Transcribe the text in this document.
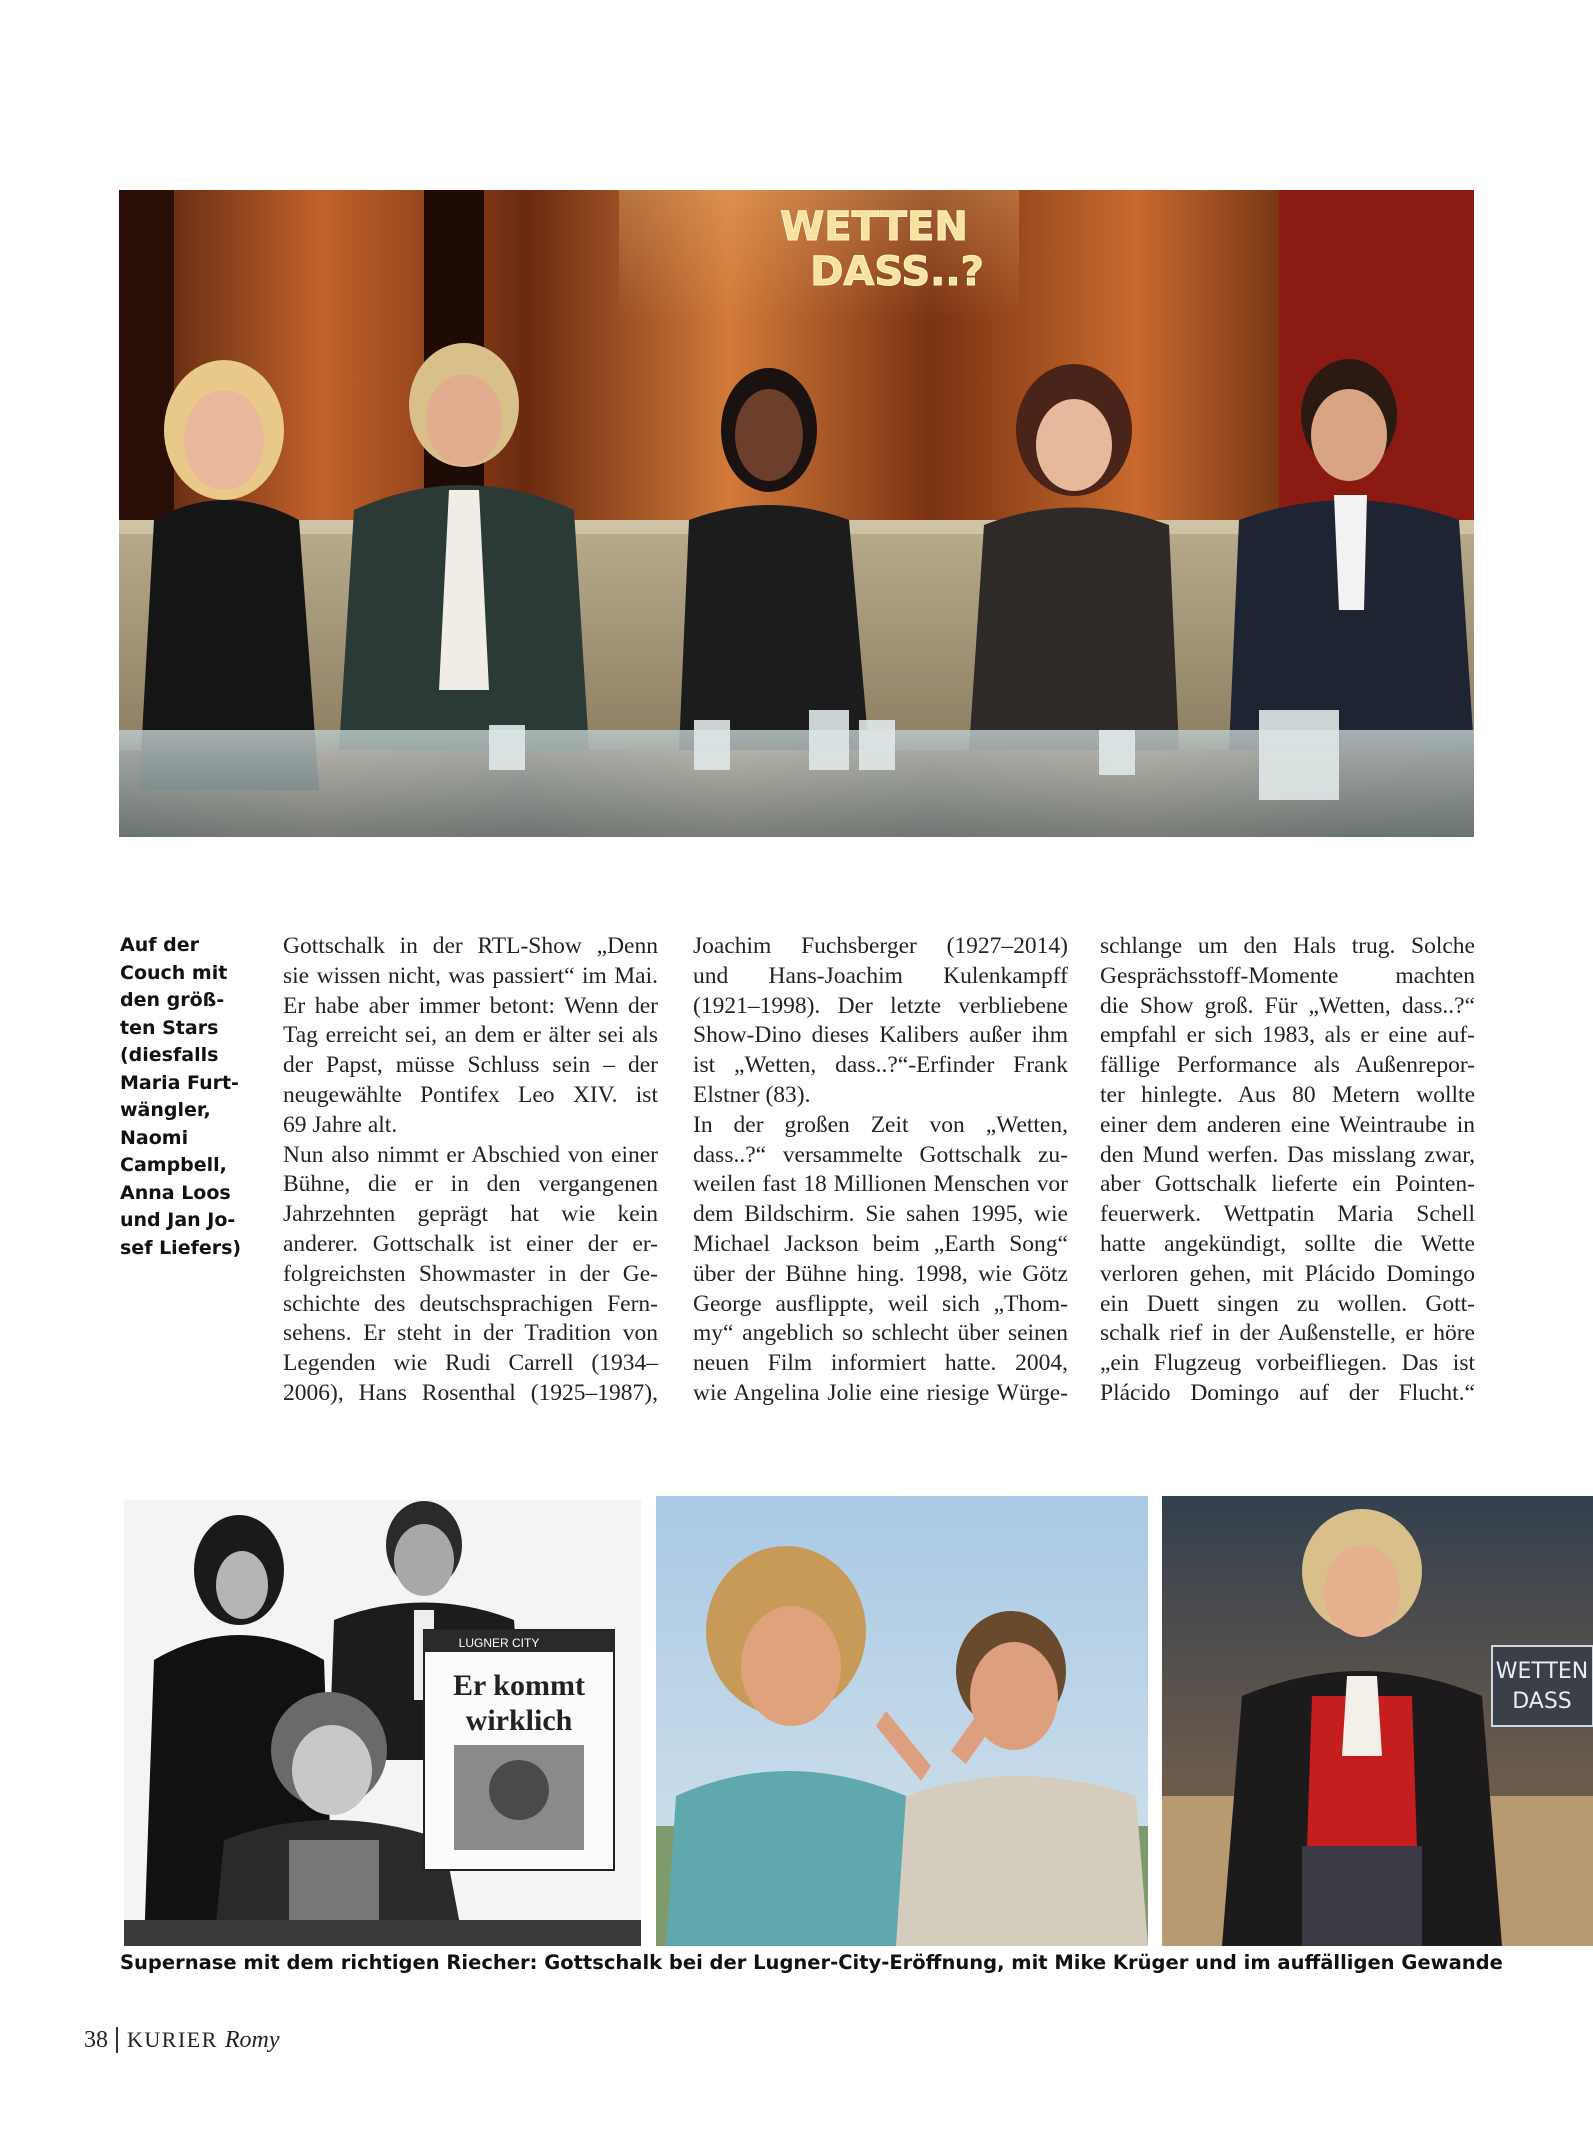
WETTEN
DASS..?
Auf der
Couch mit
den größ-
ten Stars
(diesfalls
Maria Furt-
wängler,
Naomi
Campbell,
Anna Loos
und Jan Jo-
sef Liefers)
Gottschalk in der RTL-Show „Denn
sie wissen nicht, was passiert“ im Mai.
Er habe aber immer betont: Wenn der
Tag erreicht sei, an dem er älter sei als
der Papst, müsse Schluss sein – der
neugewählte Pontifex Leo XIV. ist
69 Jahre alt.
Nun also nimmt er Abschied von einer
Bühne, die er in den vergangenen
Jahrzehnten geprägt hat wie kein
anderer. Gottschalk ist einer der er-
folgreichsten Showmaster in der Ge-
schichte des deutschsprachigen Fern-
sehens. Er steht in der Tradition von
Legenden wie Rudi Carrell (1934–
2006), Hans Rosenthal (1925–1987),
Joachim Fuchsberger (1927–2014)
und Hans-Joachim Kulenkampff
(1921–1998). Der letzte verbliebene
Show-Dino dieses Kalibers außer ihm
ist „Wetten, dass..?“-Erfinder Frank
Elstner (83).
In der großen Zeit von „Wetten,
dass..?“ versammelte Gottschalk zu-
weilen fast 18 Millionen Menschen vor
dem Bildschirm. Sie sahen 1995, wie
Michael Jackson beim „Earth Song“
über der Bühne hing. 1998, wie Götz
George ausflippte, weil sich „Thom-
my“ angeblich so schlecht über seinen
neuen Film informiert hatte. 2004,
wie Angelina Jolie eine riesige Würge-
schlange um den Hals trug. Solche
Gesprächsstoff-Momente machten
die Show groß. Für „Wetten, dass..?“
empfahl er sich 1983, als er eine auf-
fällige Performance als Außenrepor-
ter hinlegte. Aus 80 Metern wollte
einer dem anderen eine Weintraube in
den Mund werfen. Das misslang zwar,
aber Gottschalk lieferte ein Pointen-
feuerwerk. Wettpatin Maria Schell
hatte angekündigt, sollte die Wette
verloren gehen, mit Plácido Domingo
ein Duett singen zu wollen. Gott-
schalk rief in der Außenstelle, er höre
„ein Flugzeug vorbeifliegen. Das ist
Plácido Domingo auf der Flucht.“
LUGNER CITY
Er kommt
wirklich
WETTEN
DASS
Supernase mit dem richtigen Riecher: Gottschalk bei der Lugner-City-Eröffnung, mit Mike Krüger und im auffälligen Gewande
38 KURIER Romy
